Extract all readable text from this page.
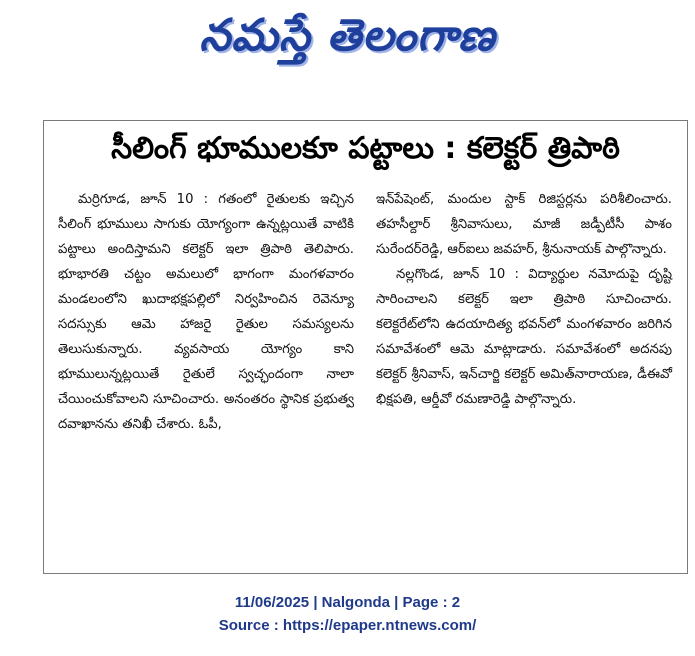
నమస్తే తెలంగాణ
సీలింగ్ భూములకూ పట్టాలు : కలెక్టర్ త్రిపాఠి

మర్రిగూడ, జూన్ 10 : గతంలో రైతులకు ఇచ్చిన సీలింగ్ భూములు సాగుకు యోగ్యంగా ఉన్నట్లయితే వాటికి పట్టాలు అందిస్తామని కలెక్టర్ ఇలా త్రిపాఠి తెలిపారు. భూభారతి చట్టం అమలులో భాగంగా మంగళవారం మండలంలోని ఖుదాభక్షపల్లిలో నిర్వహించిన రెవెన్యూ సదస్సుకు ఆమె హాజరై రైతుల సమస్యలను తెలుసుకున్నారు. వ్యవసాయ యోగ్యం కాని భూములున్నట్లయితే రైతులే స్వచ్ఛందంగా నాలా చేయించుకోవాలని సూచించారు. అనంతరం స్థానిక ప్రభుత్వ దవాఖానను తనిఖీ చేశారు. ఓపీ,

ఇన్‌పేషెంట్, మందుల స్టాక్ రిజిస్టర్లను పరిశీలించారు. తహసీల్దార్ శ్రీనివాసులు, మాజీ జడ్పీటీసీ పాశం సురేందర్‌రెడ్డి, ఆర్‌ఐలు జవహర్, శ్రీనునాయక్ పాల్గొన్నారు.

నల్లగొండ, జూన్ 10 : విద్యార్థుల నమోదుపై దృష్టి సారించాలని కలెక్టర్ ఇలా త్రిపాఠి సూచించారు. కలెక్టరేట్‌లోని ఉదయాదిత్య భవన్‌లో మంగళవారం జరిగిన సమావేశంలో ఆమె మాట్లాడారు. సమావేశంలో అదనపు కలెక్టర్ శ్రీనివాస్, ఇన్‌చార్జి కలెక్టర్ అమిత్‌నారాయణ, డీఈవో భిక్షపతి, ఆర్డీవో రమణారెడ్డి పాల్గొన్నారు.

11/06/2025 | Nalgonda | Page : 2
Source : https://epaper.ntnews.com/
